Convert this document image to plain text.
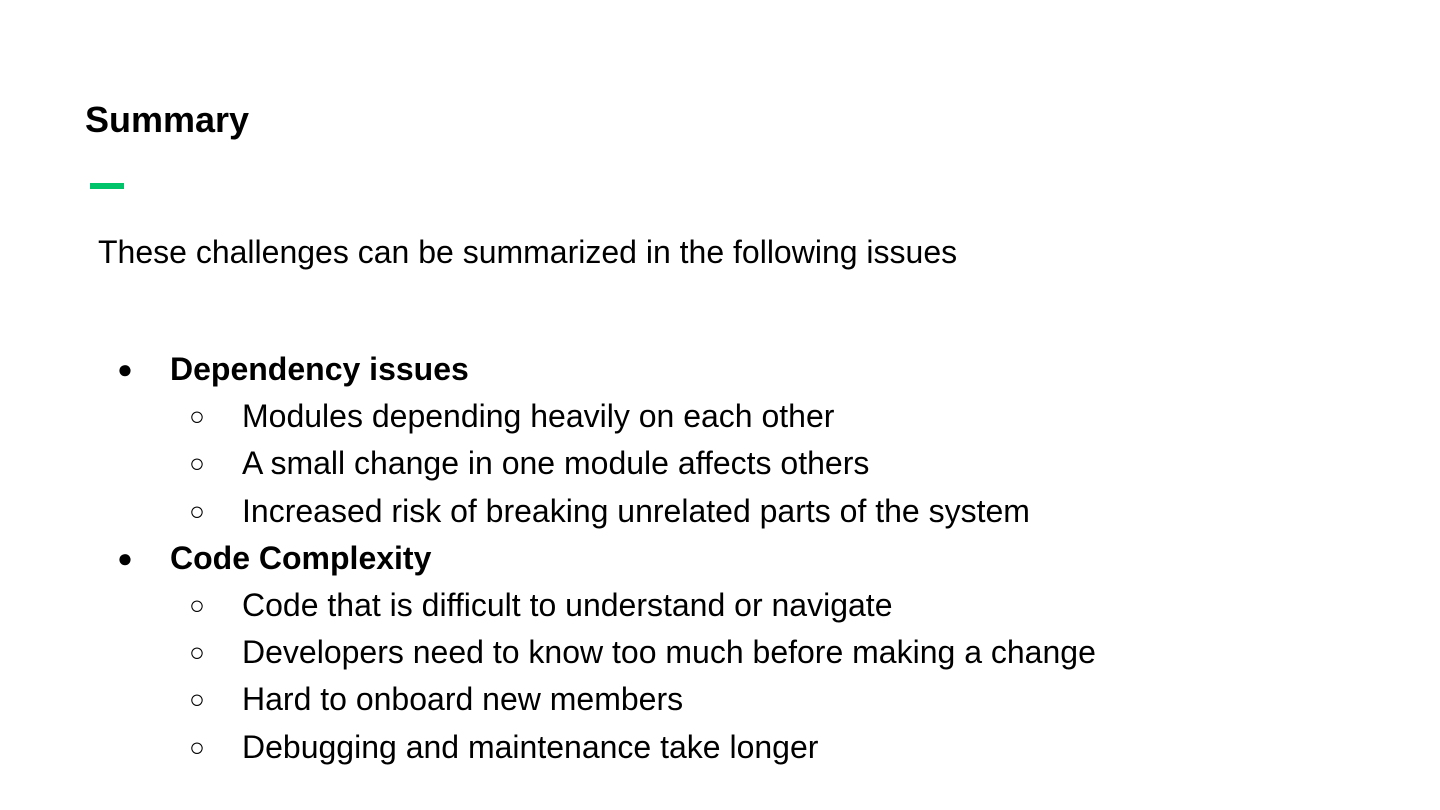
Summary

These challenges can be summarized in the following issues

● Dependency issues
○ Modules depending heavily on each other
○ A small change in one module affects others
○ Increased risk of breaking unrelated parts of the system
● Code Complexity
○ Code that is difficult to understand or navigate
○ Developers need to know too much before making a change
○ Hard to onboard new members
○ Debugging and maintenance take longer
